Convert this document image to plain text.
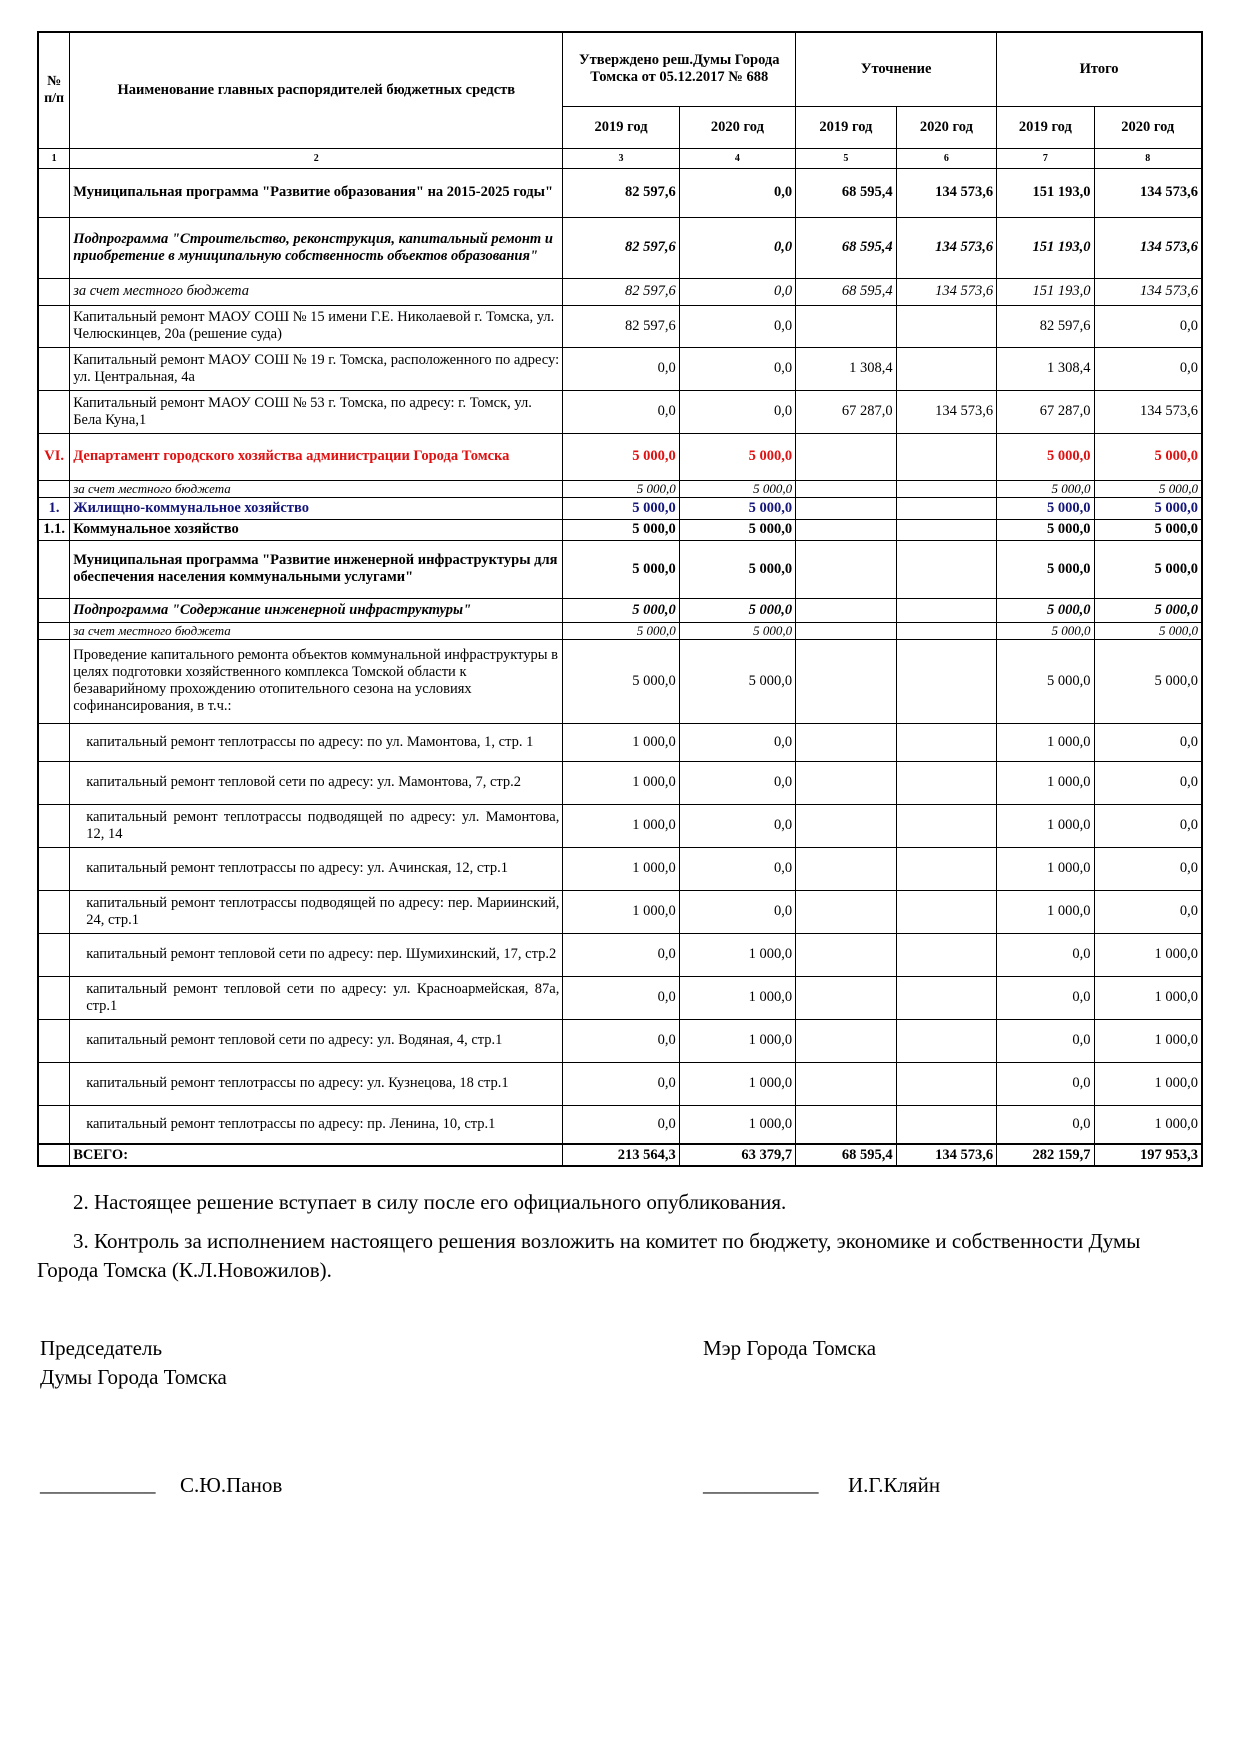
№ п/п	Наименование главных распорядителей бюджетных средств	Утверждено реш.Думы Города Томска от 05.12.2017 № 688		Уточнение		Итого	
		2019 год	2020 год	2019 год	2020 год	2019 год	2020 год
1	2	3	4	5	6	7	8
	Муниципальная программа "Развитие образования" на 2015-2025 годы"	82 597,6	0,0	68 595,4	134 573,6	151 193,0	134 573,6
	Подпрограмма "Строительство, реконструкция, капитальный ремонт и приобретение в муниципальную собственность объектов образования"	82 597,6	0,0	68 595,4	134 573,6	151 193,0	134 573,6
	за счет местного бюджета	82 597,6	0,0	68 595,4	134 573,6	151 193,0	134 573,6
	Капитальный ремонт МАОУ СОШ № 15 имени Г.Е. Николаевой г. Томска, ул. Челюскинцев, 20а (решение суда)	82 597,6	0,0			82 597,6	0,0
	Капитальный ремонт МАОУ СОШ № 19 г. Томска, расположенного по адресу: ул. Центральная, 4а	0,0	0,0	1 308,4		1 308,4	0,0
	Капитальный ремонт МАОУ СОШ № 53 г. Томска, по адресу: г. Томск, ул. Бела Куна,1	0,0	0,0	67 287,0	134 573,6	67 287,0	134 573,6
VI.	Департамент городского хозяйства администрации Города Томска	5 000,0	5 000,0			5 000,0	5 000,0
	за счет местного бюджета	5 000,0	5 000,0			5 000,0	5 000,0
1.	Жилищно-коммунальное хозяйство	5 000,0	5 000,0			5 000,0	5 000,0
1.1.	Коммунальное хозяйство	5 000,0	5 000,0			5 000,0	5 000,0
	Муниципальная программа "Развитие инженерной инфраструктуры для обеспечения населения коммунальными услугами"	5 000,0	5 000,0			5 000,0	5 000,0
	Подпрограмма "Содержание инженерной инфраструктуры"	5 000,0	5 000,0			5 000,0	5 000,0
	за счет местного бюджета	5 000,0	5 000,0			5 000,0	5 000,0
	Проведение капитального ремонта объектов коммунальной инфраструктуры в целях подготовки хозяйственного комплекса Томской области к безаварийному прохождению отопительного сезона на условиях софинансирования, в т.ч.:	5 000,0	5 000,0			5 000,0	5 000,0
	капитальный ремонт теплотрассы по адресу: по ул. Мамонтова, 1, стр. 1	1 000,0	0,0			1 000,0	0,0
	капитальный ремонт тепловой сети по адресу: ул. Мамонтова, 7, стр.2	1 000,0	0,0			1 000,0	0,0
	капитальный ремонт теплотрассы подводящей по адресу: ул. Мамонтова, 12, 14	1 000,0	0,0			1 000,0	0,0
	капитальный ремонт теплотрассы по адресу: ул. Ачинская, 12, стр.1	1 000,0	0,0			1 000,0	0,0
	капитальный ремонт теплотрассы подводящей по адресу: пер. Мариинский, 24, стр.1	1 000,0	0,0			1 000,0	0,0
	капитальный ремонт тепловой сети по адресу: пер. Шумихинский, 17, стр.2	0,0	1 000,0			0,0	1 000,0
	капитальный ремонт тепловой сети по адресу: ул. Красноармейская, 87а, стр.1	0,0	1 000,0			0,0	1 000,0
	капитальный ремонт тепловой сети по адресу: ул. Водяная, 4, стр.1	0,0	1 000,0			0,0	1 000,0
	капитальный ремонт теплотрассы по адресу: ул. Кузнецова, 18 стр.1	0,0	1 000,0			0,0	1 000,0
	капитальный ремонт теплотрассы по адресу: пр. Ленина, 10, стр.1	0,0	1 000,0			0,0	1 000,0
	ВСЕГО:	213 564,3	63 379,7	68 595,4	134 573,6	282 159,7	197 953,3
2. Настоящее решение вступает в силу после его официального опубликования.
3. Контроль за исполнением настоящего решения возложить на комитет по бюджету, экономике и собственности Думы Города Томска (К.Л.Новожилов).
Председатель
Думы Города Томска
Мэр Города Томска
___________ С.Ю.Панов	___________ И.Г.Кляйн
